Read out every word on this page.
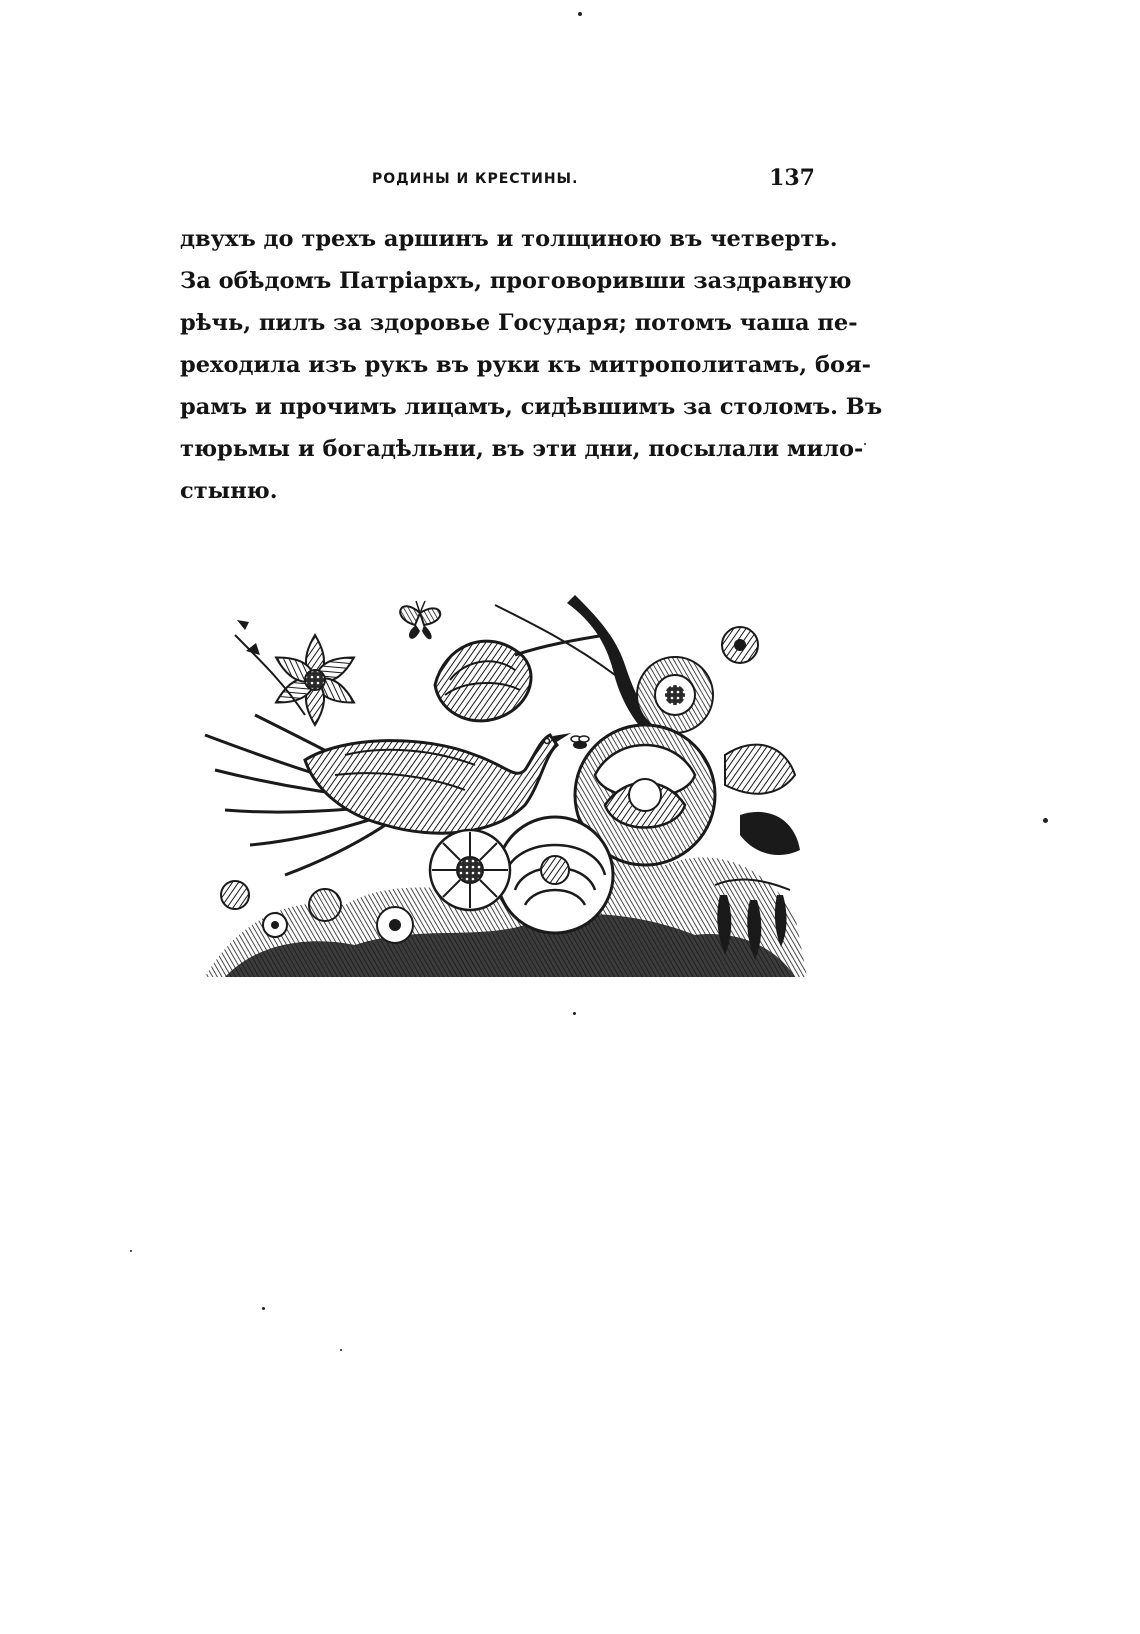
РОДИНЫ И КРЕСТИНЫ.	137
двухъ до трехъ аршинъ и толщиною въ четверть.
За обѣдомъ Патріархъ, проговоривши заздравную
рѣчь, пилъ за здоровье Государя; потомъ чаша пе-
реходила изъ рукъ въ руки къ митрополитамъ, боя-
рамъ и прочимъ лицамъ, сидѣвшимъ за столомъ. Въ
тюрьмы и богадѣльни, въ эти дни, посылали мило-
стыню.
